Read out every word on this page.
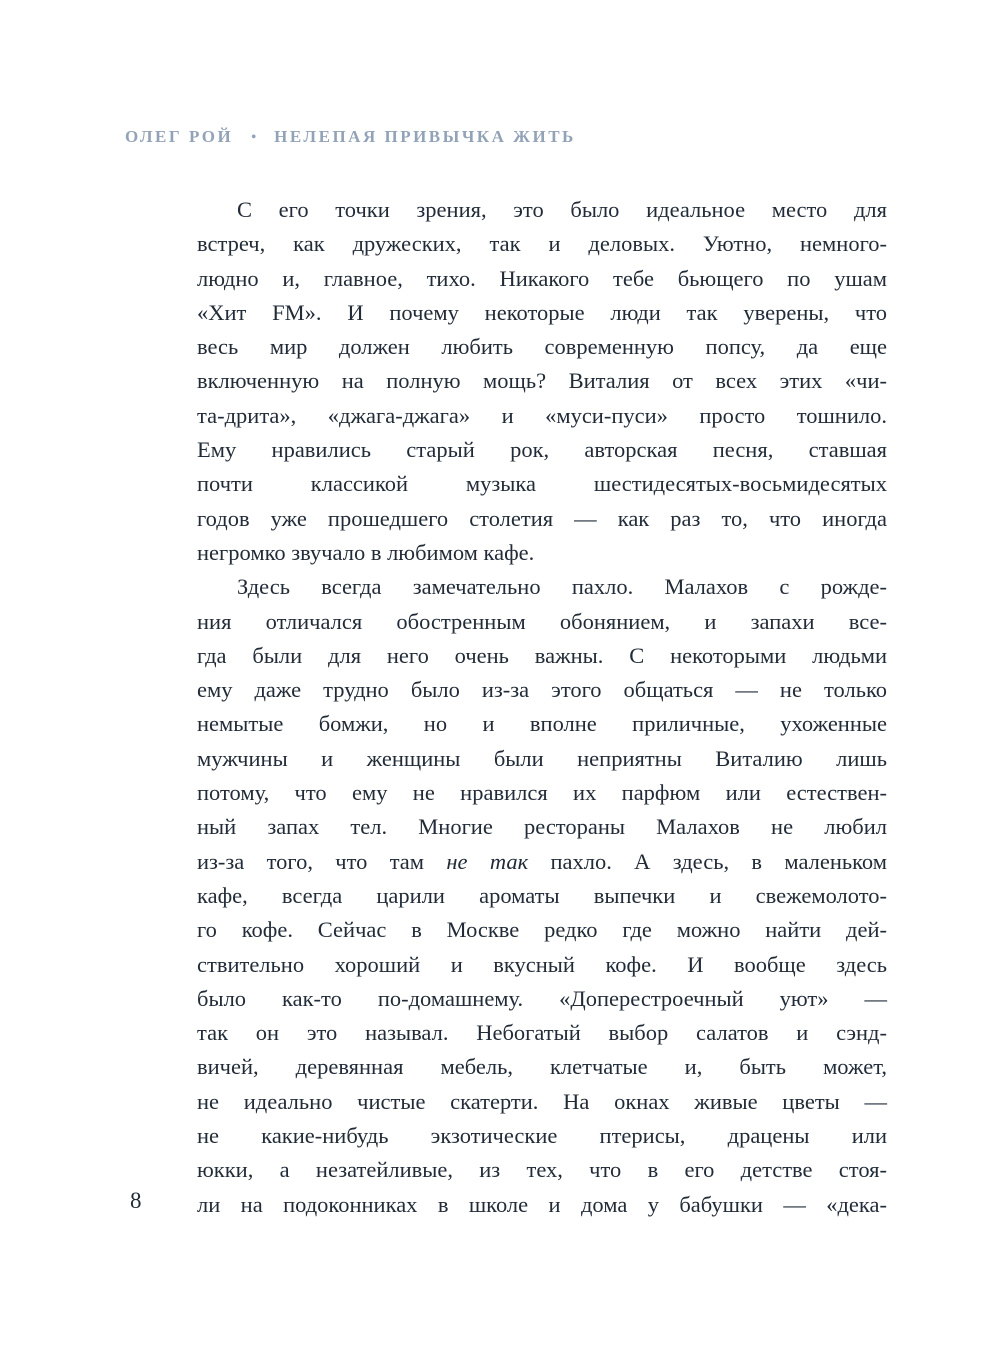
ОЛЕГ РОЙ • НЕЛЕПАЯ ПРИВЫЧКА ЖИТЬ
С его точки зрения, это было идеальное место для
встреч, как дружеских, так и деловых. Уютно, немного-
людно и, главное, тихо. Никакого тебе бьющего по ушам
«Хит FM». И почему некоторые люди так уверены, что
весь мир должен любить современную попсу, да еще
включенную на полную мощь? Виталия от всех этих «чи-
та-дрита», «джага-джага» и «муси-пуси» просто тошнило.
Ему нравились старый рок, авторская песня, ставшая
почти классикой музыка шестидесятых-восьмидесятых
годов уже прошедшего столетия — как раз то, что иногда
негромко звучало в любимом кафе.
Здесь всегда замечательно пахло. Малахов с рожде-
ния отличался обостренным обонянием, и запахи все-
гда были для него очень важны. С некоторыми людьми
ему даже трудно было из-за этого общаться — не только
немытые бомжи, но и вполне приличные, ухоженные
мужчины и женщины были неприятны Виталию лишь
потому, что ему не нравился их парфюм или естествен-
ный запах тел. Многие рестораны Малахов не любил
из-за того, что там не так пахло. А здесь, в маленьком
кафе, всегда царили ароматы выпечки и свежемолото-
го кофе. Сейчас в Москве редко где можно найти дей-
ствительно хороший и вкусный кофе. И вообще здесь
было как-то по-домашнему. «Доперестроечный уют» —
так он это называл. Небогатый выбор салатов и сэнд-
вичей, деревянная мебель, клетчатые и, быть может,
не идеально чистые скатерти. На окнах живые цветы —
не какие-нибудь экзотические птерисы, драцены или
юкки, а незатейливые, из тех, что в его детстве стоя-
ли на подоконниках в школе и дома у бабушки — «дека-
8
